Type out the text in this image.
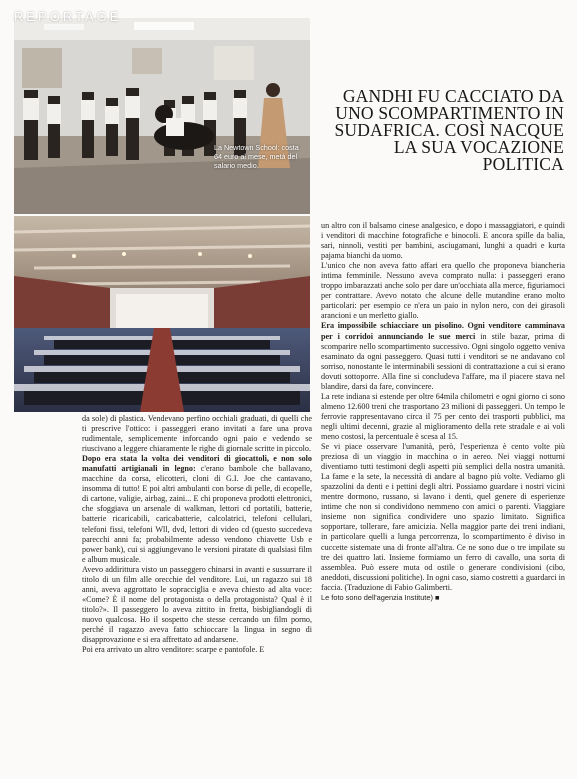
REPORTAGE
La Newtown School: costa 64 euro al mese, metà del salario medio.
GANDHI FU CACCIATO DA UNO SCOMPARTIMENTO IN SUDAFRICA. COSÌ NACQUE LA SUA VOCAZIONE POLITICA

da sole) di plastica. Vendevano perfino occhiali graduati, di quelli che ti prescrive l'ottico: i passeggeri erano invitati a fare una prova rudimentale, semplicemente inforcando ogni paio e vedendo se riuscivano a leggere chiaramente le righe di giornale scritte in piccolo.

Dopo era stata la volta dei venditori di giocattoli, e non solo manufatti artigianali in legno: c'erano bambole che ballavano, macchine da corsa, elicotteri, cloni di G.I. Joe che cantavano, insomma di tutto! E poi altri ambulanti con borse di pelle, di ecopelle, di cartone, valigie, airbag, zaini... E chi proponeva prodotti elettronici, che sfoggiava un arsenale di walkman, lettori cd portatili, batterie, batterie ricaricabili, caricabatterie, calcolatrici, telefoni cellulari, telefoni fissi, telefoni Wll, dvd, lettori di video cd (questo succedeva parecchi anni fa; probabilmente adesso vendono chiavette Usb e power bank), cui si aggiungevano le versioni piratate di qualsiasi film e album musicale.

Avevo addirittura visto un passeggero chinarsi in avanti e sussurrare il titolo di un film alle orecchie del venditore. Lui, un ragazzo sui 18 anni, aveva aggrottato le sopracciglia e aveva chiesto ad alta voce: «Come? È il nome del protagonista o della protagonista? Qual è il titolo?». Il passeggero lo aveva zittito in fretta, bisbigliandogli di nuovo qualcosa. Ho il sospetto che stesse cercando un film porno, perché il ragazzo aveva fatto schioccare la lingua in segno di disapprovazione e si era affrettato ad andarsene.

Poi era arrivato un altro venditore: scarpe e pantofole. E

un altro con il balsamo cinese analgesico, e dopo i massaggiatori, e quindi i venditori di macchine fotografiche e binocoli. E ancora spille da balia, sari, ninnoli, vestiti per bambini, asciugamani, lunghi a quadri e kurta pajama bianchi da uomo.

L'unico che non aveva fatto affari era quello che proponeva biancheria intima femminile. Nessuno aveva comprato nulla: i passeggeri erano troppo imbarazzati anche solo per dare un'occhiata alla merce, figuriamoci per contrattare. Avevo notato che alcune delle mutandine erano molto particolari: per esempio ce n'era un paio in nylon nero, con dei girasoli arancioni e un merletto giallo.

Era impossibile schiacciare un pisolino. Ogni venditore camminava per i corridoi annunciando le sue merci in stile bazar, prima di scomparire nello scompartimento successivo. Ogni singolo oggetto veniva esaminato da ogni passeggero. Quasi tutti i venditori se ne andavano col sorriso, nonostante le interminabili sessioni di contrattazione a cui si erano dovuti sottoporre. Alla fine si concludeva l'affare, ma il piacere stava nel blandire, darsi da fare, convincere.

La rete indiana si estende per oltre 64mila chilometri e ogni giorno ci sono almeno 12.600 treni che trasportano 23 milioni di passeggeri. Un tempo le ferrovie rappresentavano circa il 75 per cento dei trasporti pubblici, ma negli ultimi decenni, grazie al miglioramento della rete stradale e ai voli meno costosi, la percentuale è scesa al 15.

Se vi piace osservare l'umanità, però, l'esperienza è cento volte più preziosa di un viaggio in macchina o in aereo. Nei viaggi notturni diventiamo tutti testimoni degli aspetti più semplici della nostra umanità. La fame e la sete, la necessità di andare al bagno più volte. Vediamo gli spazzolini da denti e i pettini degli altri. Possiamo guardare i nostri vicini mentre dormono, russano, si lavano i denti, quel genere di esperienze intime che non si condividono nemmeno con amici o parenti. Viaggiare insieme non significa condividere uno spazio limitato. Significa sopportare, tollerare, fare amicizia. Nella maggior parte dei treni indiani, in particolare quelli a lunga percorrenza, lo scompartimento è diviso in cuccette sistemate una di fronte all'altra. Ce ne sono due o tre impilate su tre dei quattro lati. Insieme formiamo un ferro di cavallo, una sorta di assemblea. Può essere muta od ostile o generare condivisioni (cibo, aneddoti, discussioni politiche). In ogni caso, siamo costretti a guardarci in faccia. (Traduzione di Fabio Galimberti.

Le foto sono dell'agenzia Institute) ■
